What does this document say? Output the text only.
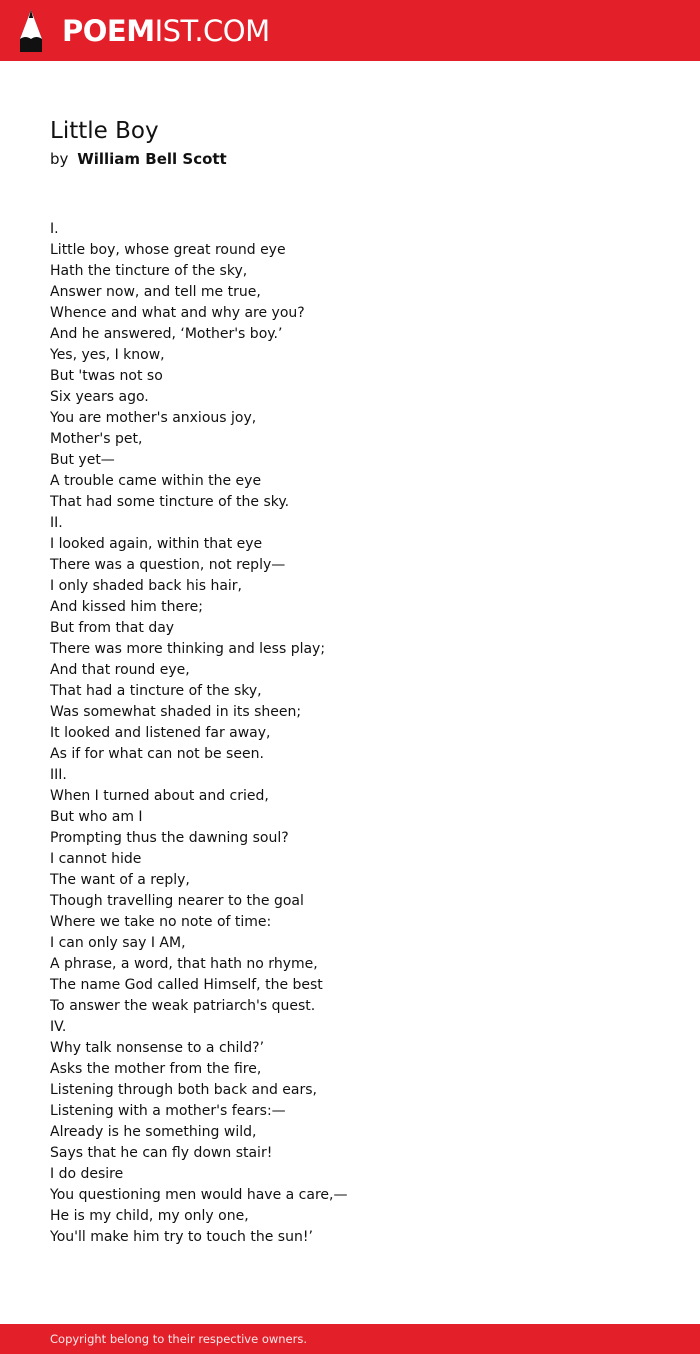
POEMIST.COM
Little Boy
by William Bell Scott
I.
Little boy, whose great round eye
Hath the tincture of the sky,
Answer now, and tell me true,
Whence and what and why are you?
And he answered, ‘Mother's boy.’
Yes, yes, I know,
But 'twas not so
Six years ago.
You are mother's anxious joy,
Mother's pet,
But yet—
A trouble came within the eye
That had some tincture of the sky.
II.
I looked again, within that eye
There was a question, not reply—
I only shaded back his hair,
And kissed him there;
But from that day
There was more thinking and less play;
And that round eye,
That had a tincture of the sky,
Was somewhat shaded in its sheen;
It looked and listened far away,
As if for what can not be seen.
III.
When I turned about and cried,
But who am I
Prompting thus the dawning soul?
I cannot hide
The want of a reply,
Though travelling nearer to the goal
Where we take no note of time:
I can only say I AM,
A phrase, a word, that hath no rhyme,
The name God called Himself, the best
To answer the weak patriarch's quest.
IV.
Why talk nonsense to a child?’
Asks the mother from the fire,
Listening through both back and ears,
Listening with a mother's fears:—
Already is he something wild,
Says that he can fly down stair!
I do desire
You questioning men would have a care,—
He is my child, my only one,
You'll make him try to touch the sun!’
Copyright belong to their respective owners.
